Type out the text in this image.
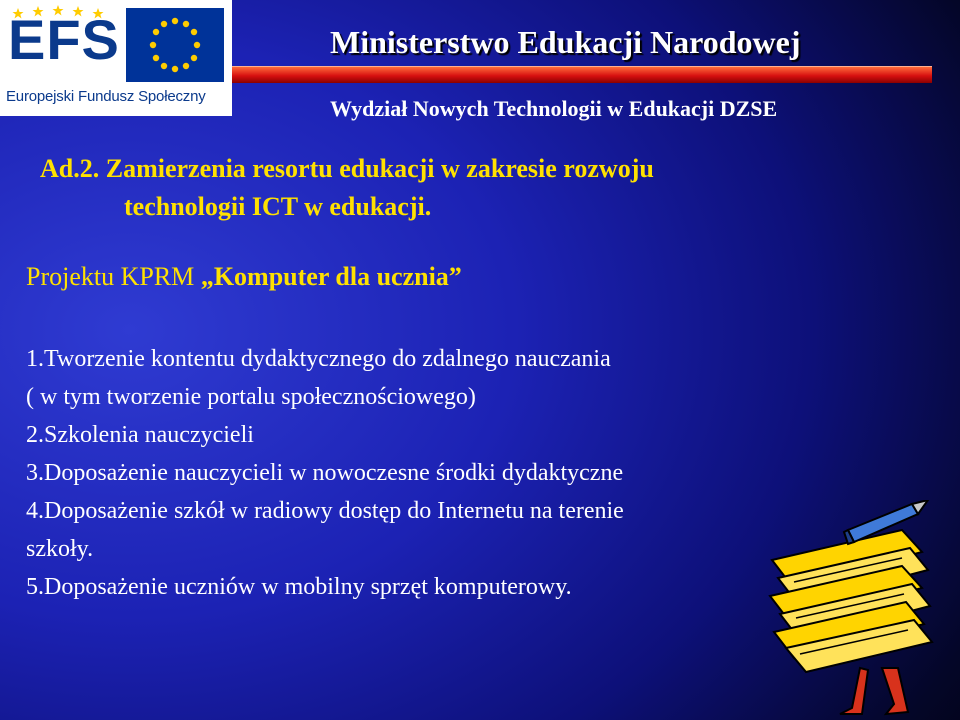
EFS
Europejski Fundusz Społeczny
Ministerstwo Edukacji Narodowej
Wydział Nowych Technologii w Edukacji DZSE
Ad.2. Zamierzenia resortu edukacji w zakresie rozwoju
technologii ICT w edukacji.
Projektu KPRM „Komputer dla ucznia”
1.Tworzenie kontentu dydaktycznego do zdalnego nauczania
( w tym tworzenie portalu społecznościowego)
2.Szkolenia nauczycieli
3.Doposażenie nauczycieli w nowoczesne środki dydaktyczne
4.Doposażenie szkół w radiowy dostęp do Internetu na terenie
szkoły.
5.Doposażenie uczniów w mobilny sprzęt komputerowy.
